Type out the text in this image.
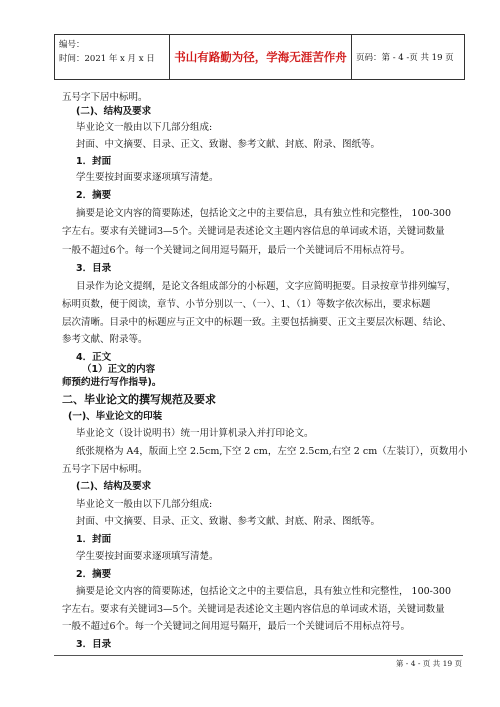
编号：
时间：2021 年 x 月 x 日	书山有路勤为径，学海无涯苦作舟	页码：第 - 4 -页 共 19 页
五号字下居中标明。
(二)、结构及要求
毕业论文一般由以下几部分组成:
封面、中文摘要、目录、正文、致谢、参考文献、封底、附录、图纸等。
1．封面
学生要按封面要求逐项填写清楚。
2．摘要
摘要是论文内容的简要陈述，包括论文之中的主要信息，具有独立性和完整性， 100-300
字左右。要求有关键词3—5个。关键词是表述论文主题内容信息的单词或术语，关键词数量
一般不超过6个。每一个关键词之间用逗号隔开，最后一个关键词后不用标点符号。
3．目录
目录作为论文提纲，是论文各组成部分的小标题，文字应简明扼要。目录按章节排列编写，
标明页数，便于阅读，章节、小节分别以一、（一）、1、（1）等数字依次标出，要求标题
层次清晰。目录中的标题应与正文中的标题一致。主要包括摘要、正文主要层次标题、结论、
参考文献、附录等。
4．正文
（1）正文的内容
师预约进行写作指导)。
二、毕业论文的撰写规范及要求
(一)、毕业论文的印装
毕业论文（设计说明书）统一用计算机录入并打印论文。
纸张规格为 A4，版面上空 2.5cm,下空 2 cm，左空 2.5cm,右空 2 cm（左装订），页数用小
五号字下居中标明。
(二)、结构及要求
毕业论文一般由以下几部分组成:
封面、中文摘要、目录、正文、致谢、参考文献、封底、附录、图纸等。
1．封面
学生要按封面要求逐项填写清楚。
2．摘要
摘要是论文内容的简要陈述，包括论文之中的主要信息，具有独立性和完整性， 100-300
字左右。要求有关键词3—5个。关键词是表述论文主题内容信息的单词或术语，关键词数量
一般不超过6个。每一个关键词之间用逗号隔开，最后一个关键词后不用标点符号。
3．目录
第 - 4 - 页 共 19 页
